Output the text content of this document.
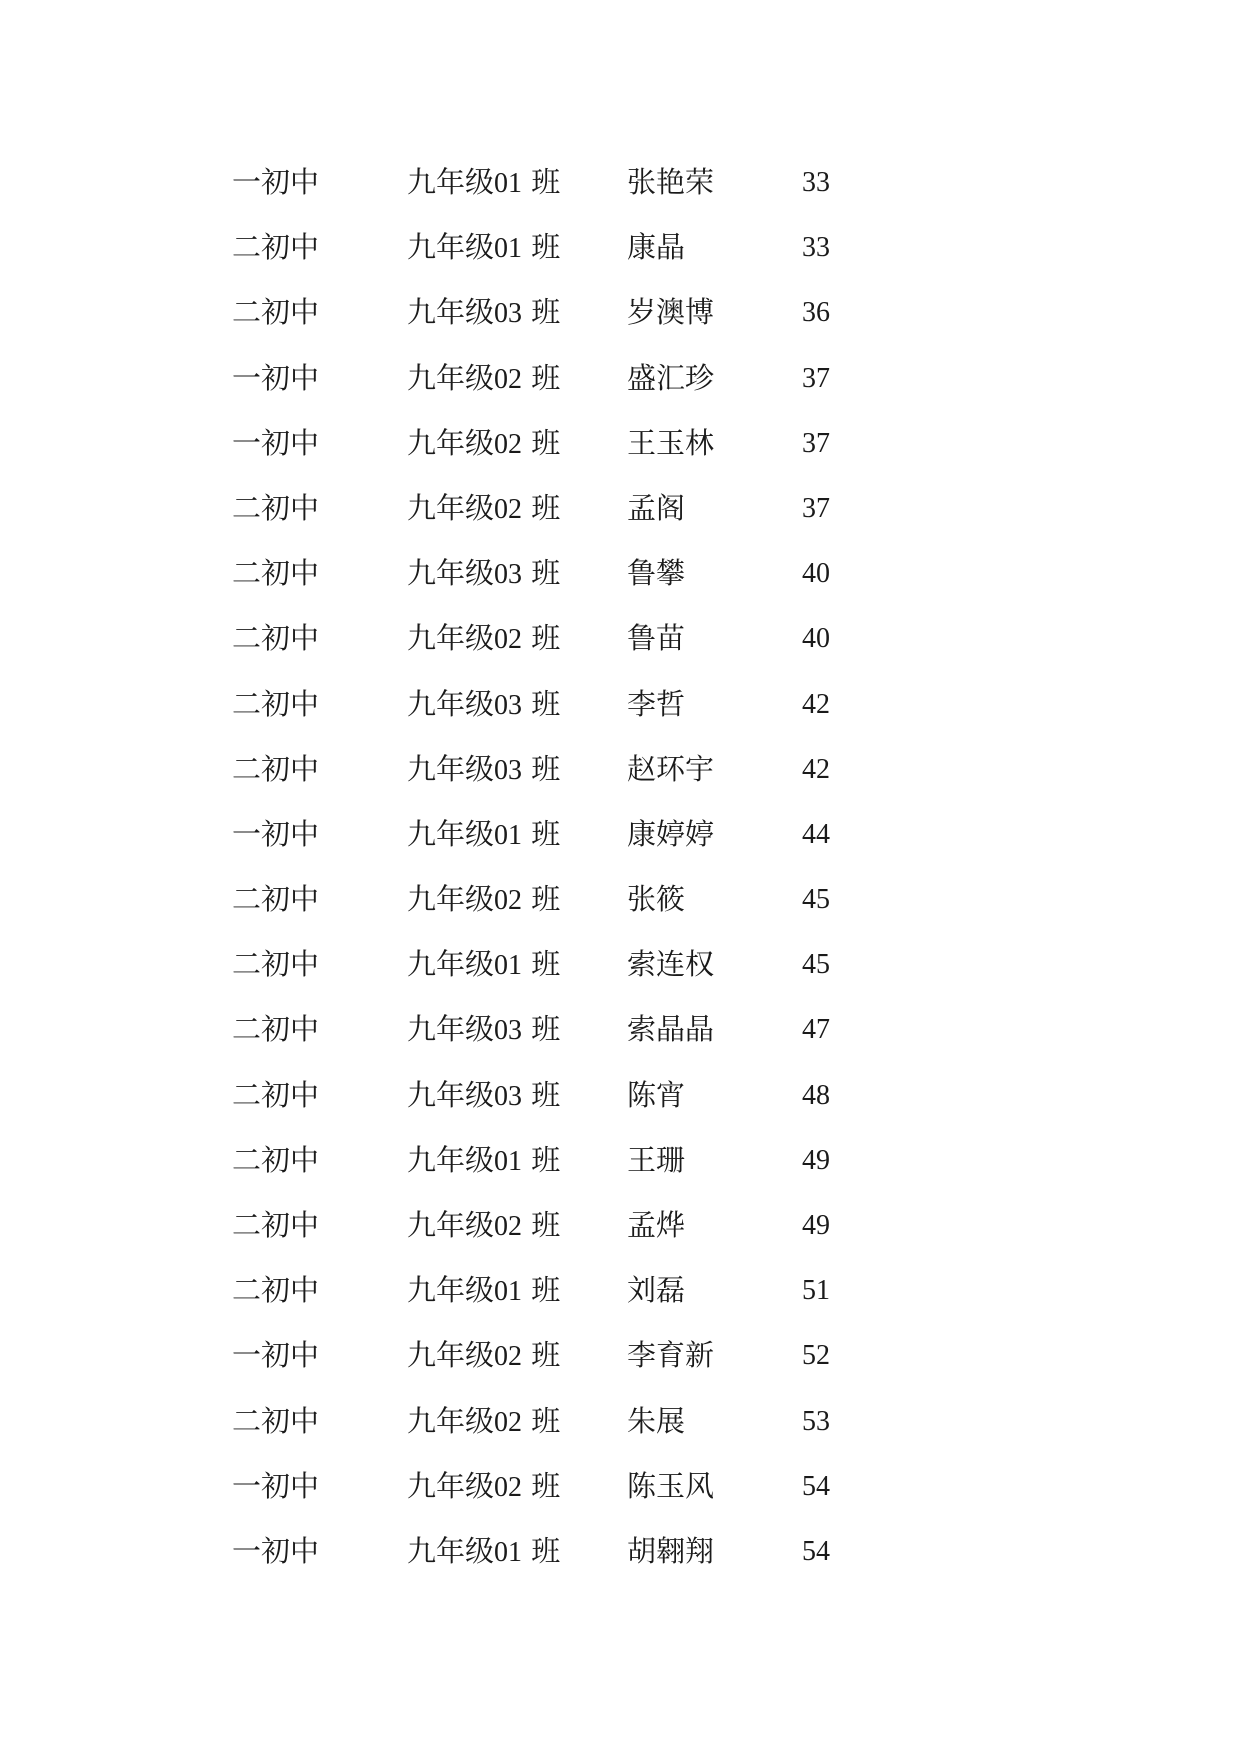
一初中	九年级01 班 张艳荣	33
二初中	九年级01 班 康晶	33
二初中	九年级03 班 岁澳博	36
一初中	九年级02 班 盛汇珍	37
一初中	九年级02 班 王玉林	37
二初中	九年级02 班 孟阁	37
二初中	九年级03 班 鲁攀	40
二初中	九年级02 班 鲁苗	40
二初中	九年级03 班 李哲	42
二初中	九年级03 班 赵环宇	42
一初中	九年级01 班 康婷婷	44
二初中	九年级02 班 张筱	45
二初中	九年级01 班 索连权	45
二初中	九年级03 班 索晶晶	47
二初中	九年级03 班 陈宵	48
二初中	九年级01 班 王珊	49
二初中	九年级02 班 孟烨	49
二初中	九年级01 班 刘磊	51
一初中	九年级02 班 李育新	52
二初中	九年级02 班 朱展	53
一初中	九年级02 班 陈玉风	54
一初中	九年级01 班 胡翱翔	54
